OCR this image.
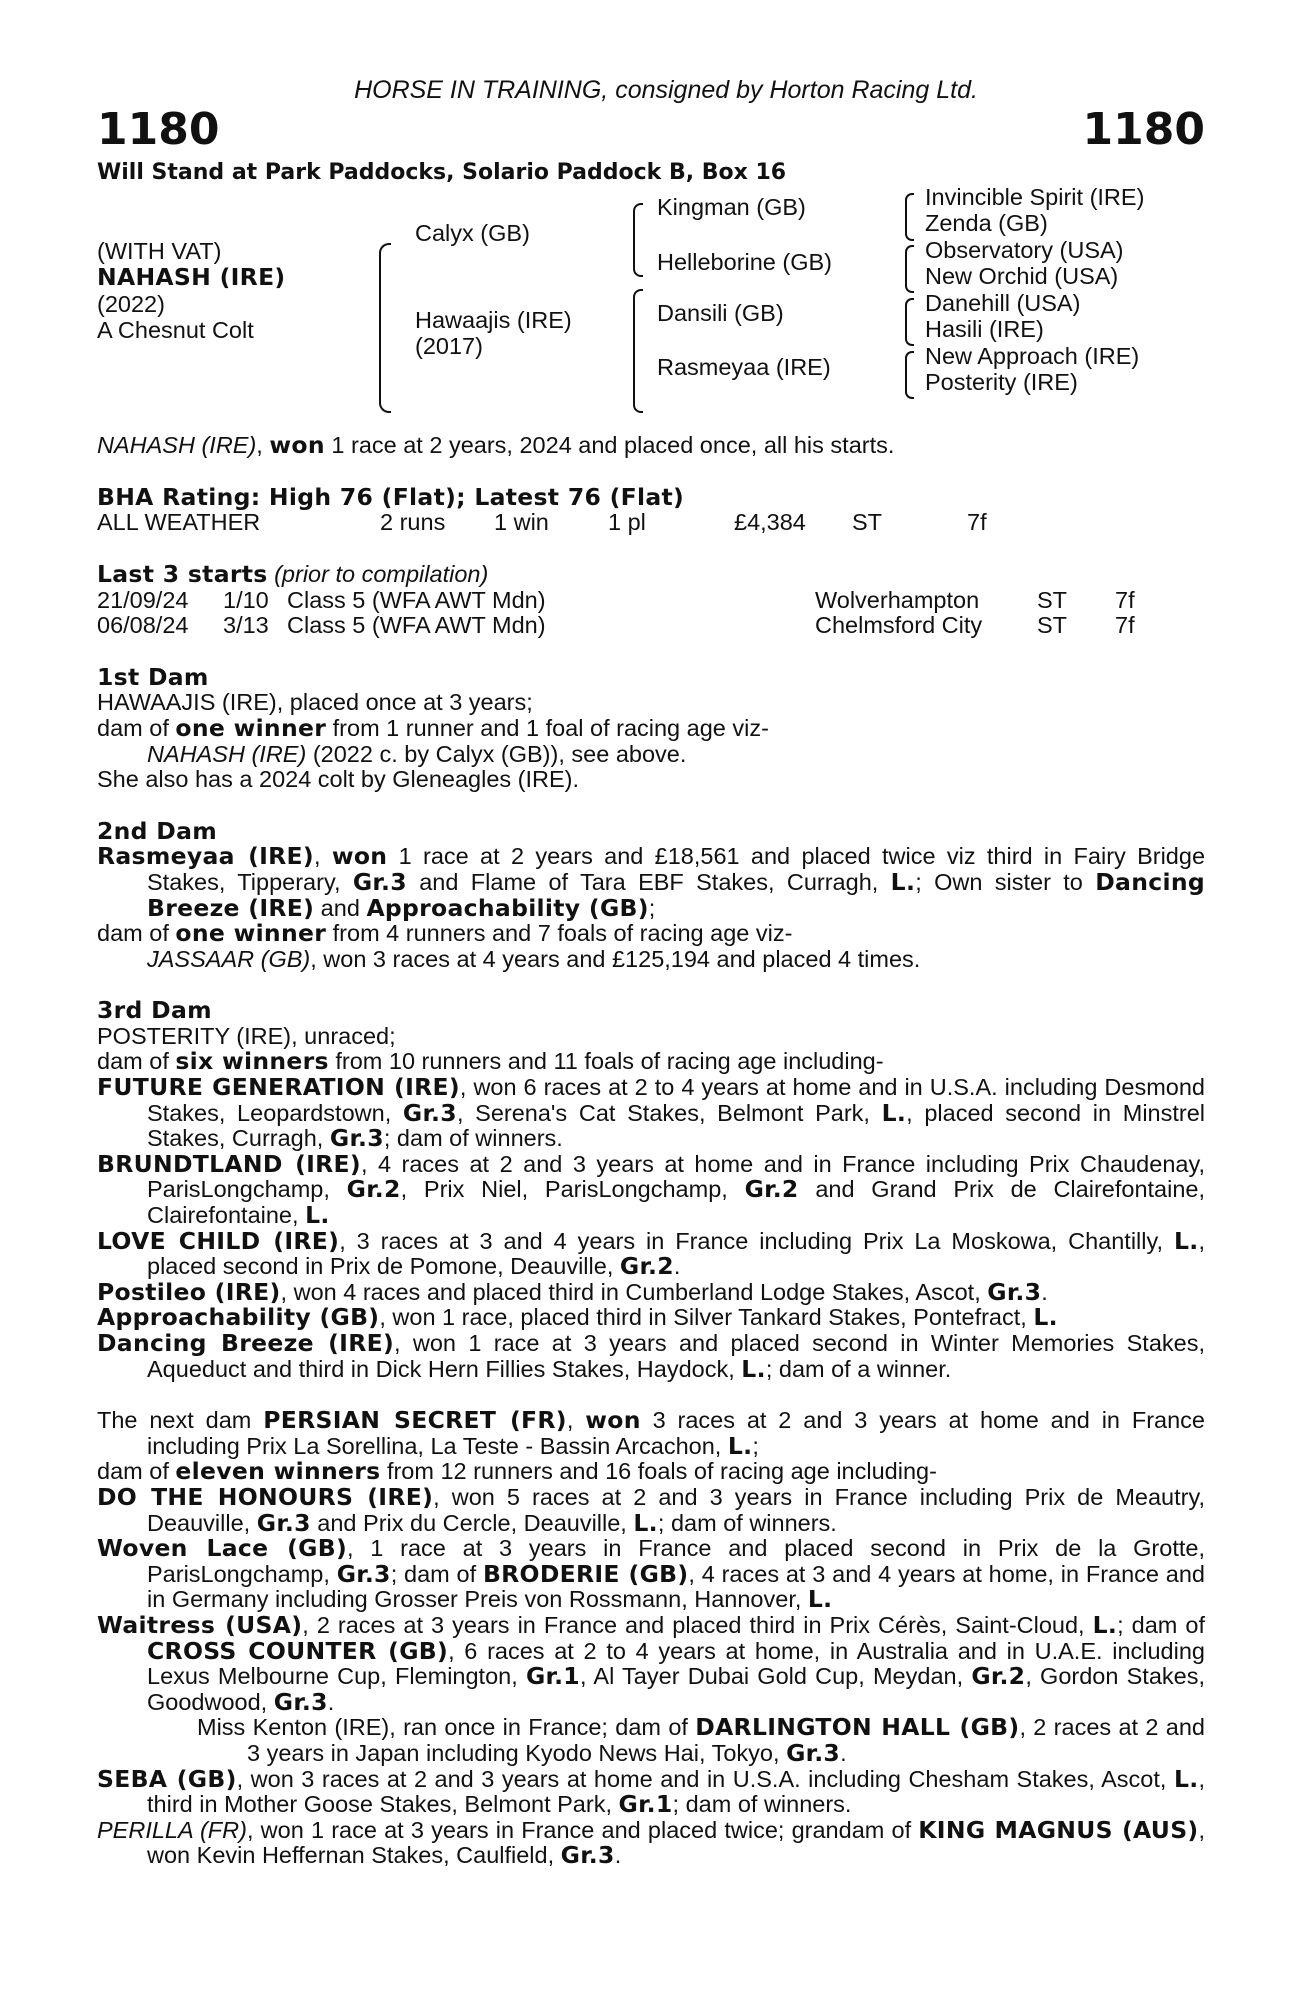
HORSE IN TRAINING, consigned by Horton Racing Ltd.
1180	1180
Will Stand at Park Paddocks, Solario Paddock B, Box 16
(WITH VAT)
NAHASH (IRE)
(2022)
A Chesnut Colt
Calyx (GB)
Hawaajis (IRE)
(2017)
Kingman (GB)
Helleborine (GB)
Dansili (GB)
Rasmeyaa (IRE)
Invincible Spirit (IRE)
Zenda (GB)
Observatory (USA)
New Orchid (USA)
Danehill (USA)
Hasili (IRE)
New Approach (IRE)
Posterity (IRE)

NAHASH (IRE), won 1 race at 2 years, 2024 and placed once, all his starts.

BHA Rating: High 76 (Flat); Latest 76 (Flat)
ALL WEATHER	2 runs	1 win	1 pl	£4,384	ST	7f
Last 3 starts (prior to compilation)
21/09/24	1/10 Class 5 (WFA AWT Mdn)	Wolverhampton	ST	7f
06/08/24	3/13 Class 5 (WFA AWT Mdn)	Chelmsford City	ST	7f
1st Dam
HAWAAJIS (IRE), placed once at 3 years;
dam of one winner from 1 runner and 1 foal of racing age viz-
NAHASH (IRE) (2022 c. by Calyx (GB)), see above.
She also has a 2024 colt by Gleneagles (IRE).
2nd Dam

Rasmeyaa (IRE), won 1 race at 2 years and £18,561 and placed twice viz third in Fairy Bridge Stakes, Tipperary, Gr.3 and Flame of Tara EBF Stakes, Curragh, L.; Own sister to Dancing Breeze (IRE) and Approachability (GB);

dam of one winner from 4 runners and 7 foals of racing age viz-
JASSAAR (GB), won 3 races at 4 years and £125,194 and placed 4 times.
3rd Dam
POSTERITY (IRE), unraced;
dam of six winners from 10 runners and 11 foals of racing age including-

FUTURE GENERATION (IRE), won 6 races at 2 to 4 years at home and in U.S.A. including Desmond Stakes, Leopardstown, Gr.3, Serena's Cat Stakes, Belmont Park, L., placed second in Minstrel Stakes, Curragh, Gr.3; dam of winners.

BRUNDTLAND (IRE), 4 races at 2 and 3 years at home and in France including Prix Chaudenay, ParisLongchamp, Gr.2, Prix Niel, ParisLongchamp, Gr.2 and Grand Prix de Clairefontaine, Clairefontaine, L.

LOVE CHILD (IRE), 3 races at 3 and 4 years in France including Prix La Moskowa, Chantilly, L., placed second in Prix de Pomone, Deauville, Gr.2.

Postileo (IRE), won 4 races and placed third in Cumberland Lodge Stakes, Ascot, Gr.3.

Approachability (GB), won 1 race, placed third in Silver Tankard Stakes, Pontefract, L.

Dancing Breeze (IRE), won 1 race at 3 years and placed second in Winter Memories Stakes, Aqueduct and third in Dick Hern Fillies Stakes, Haydock, L.; dam of a winner.

The next dam PERSIAN SECRET (FR), won 3 races at 2 and 3 years at home and in France including Prix La Sorellina, La Teste - Bassin Arcachon, L.;

dam of eleven winners from 12 runners and 16 foals of racing age including-

DO THE HONOURS (IRE), won 5 races at 2 and 3 years in France including Prix de Meautry, Deauville, Gr.3 and Prix du Cercle, Deauville, L.; dam of winners.

Woven Lace (GB), 1 race at 3 years in France and placed second in Prix de la Grotte, ParisLongchamp, Gr.3; dam of BRODERIE (GB), 4 races at 3 and 4 years at home, in France and in Germany including Grosser Preis von Rossmann, Hannover, L.

Waitress (USA), 2 races at 3 years in France and placed third in Prix Cérès, Saint-Cloud, L.; dam of CROSS COUNTER (GB), 6 races at 2 to 4 years at home, in Australia and in U.A.E. including Lexus Melbourne Cup, Flemington, Gr.1, Al Tayer Dubai Gold Cup, Meydan, Gr.2, Gordon Stakes, Goodwood, Gr.3.

Miss Kenton (IRE), ran once in France; dam of DARLINGTON HALL (GB), 2 races at 2 and 3 years in Japan including Kyodo News Hai, Tokyo, Gr.3.

SEBA (GB), won 3 races at 2 and 3 years at home and in U.S.A. including Chesham Stakes, Ascot, L., third in Mother Goose Stakes, Belmont Park, Gr.1; dam of winners.

PERILLA (FR), won 1 race at 3 years in France and placed twice; grandam of KING MAGNUS (AUS), won Kevin Heffernan Stakes, Caulfield, Gr.3.
